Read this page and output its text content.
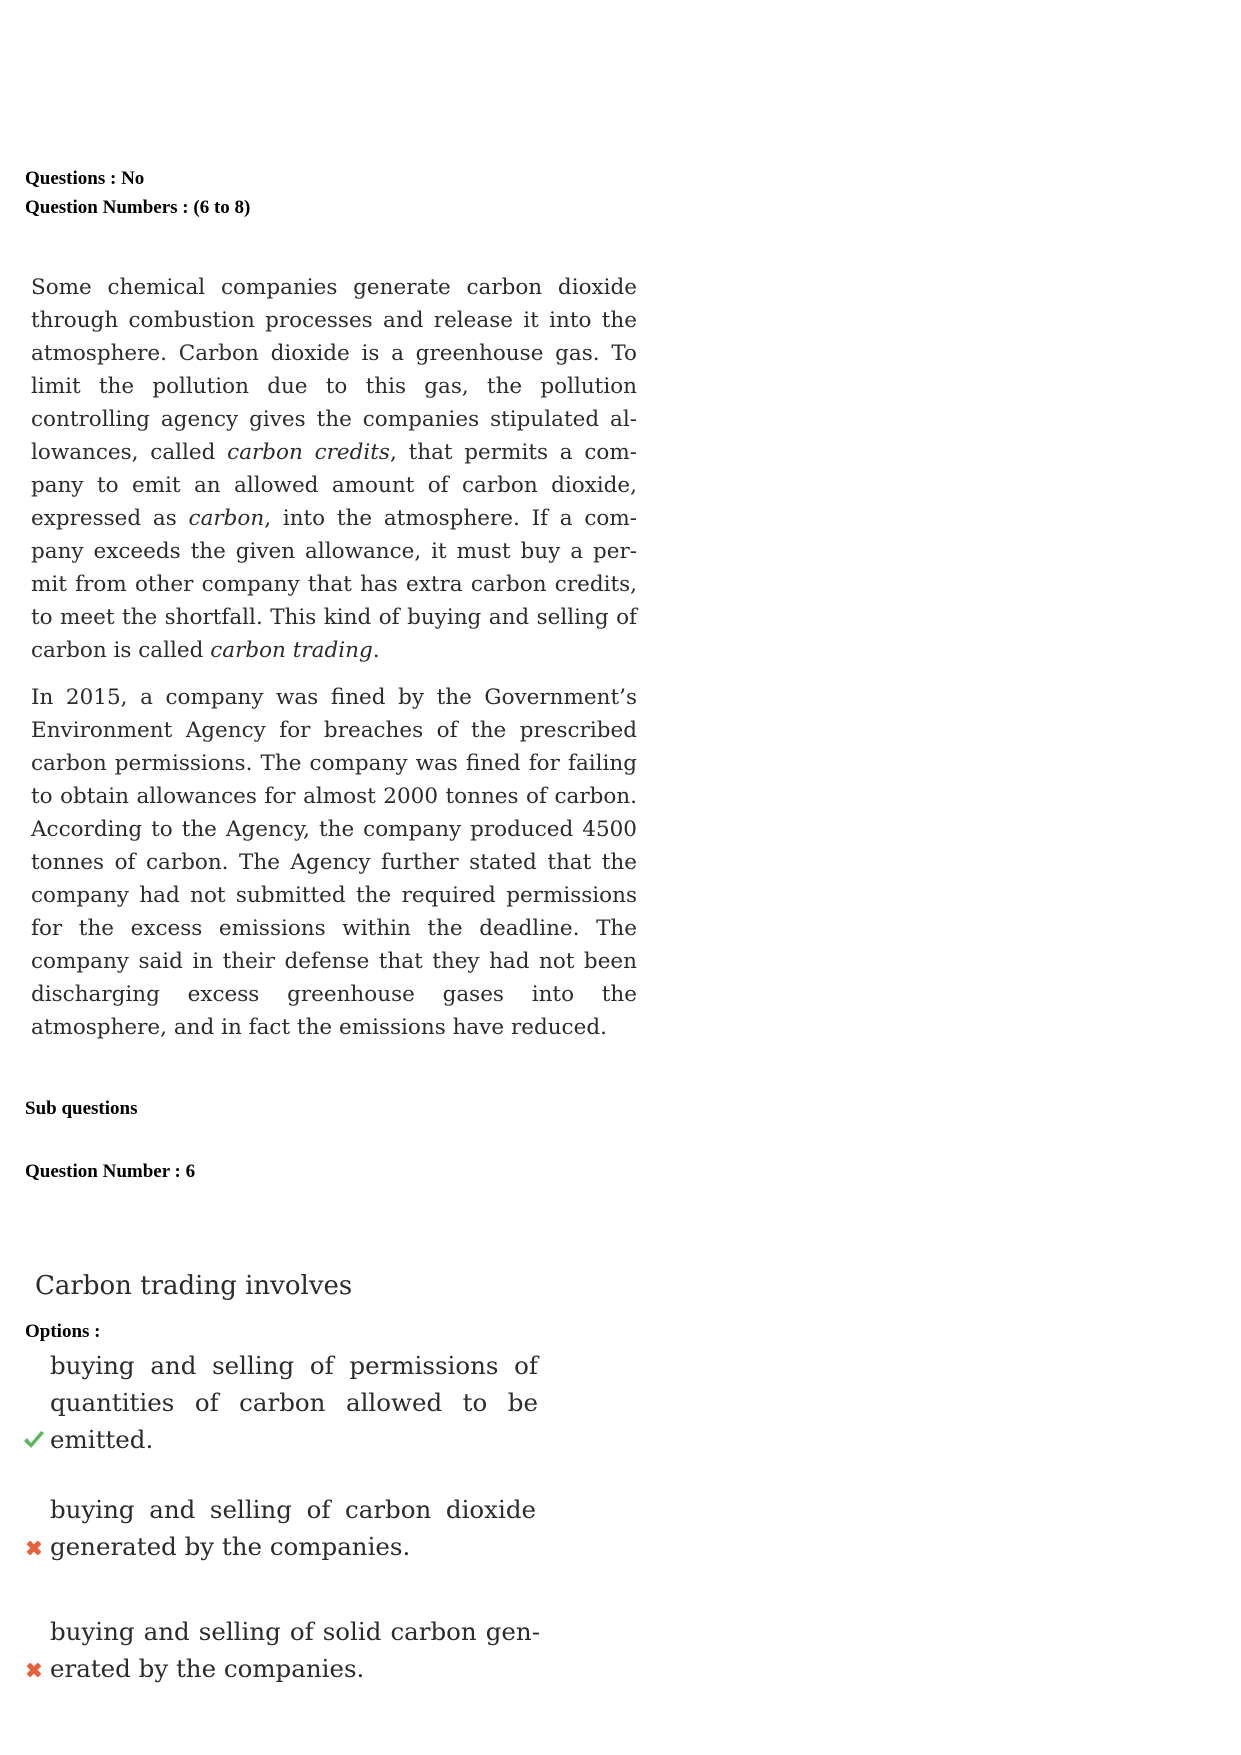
Questions : No
Question Numbers : (6 to 8)

Some chemical companies generate carbon dioxide through combustion processes and release it into the atmosphere. Carbon dioxide is a greenhouse gas. To limit the pollution due to this gas, the pollution controlling agency gives the companies stipulated allowances, called carbon credits, that permits a company to emit an allowed amount of carbon dioxide, expressed as carbon, into the atmosphere. If a company exceeds the given allowance, it must buy a permit from other company that has extra carbon credits, to meet the shortfall. This kind of buying and selling of carbon is called carbon trading.

In 2015, a company was fined by the Government’s Environment Agency for breaches of the prescribed carbon permissions. The company was fined for failing to obtain allowances for almost 2000 tonnes of carbon. According to the Agency, the company produced 4500 tonnes of carbon. The Agency further stated that the company had not submitted the required permissions for the excess emissions within the deadline. The company said in their defense that they had not been discharging excess greenhouse gases into the atmosphere, and in fact the emissions have reduced.

Sub questions
Question Number : 6
Carbon trading involves
Options :

buying and selling of permissions of quantities of carbon allowed to be emitted.

buying and selling of carbon dioxide generated by the companies.

buying and selling of solid carbon generated by the companies.
